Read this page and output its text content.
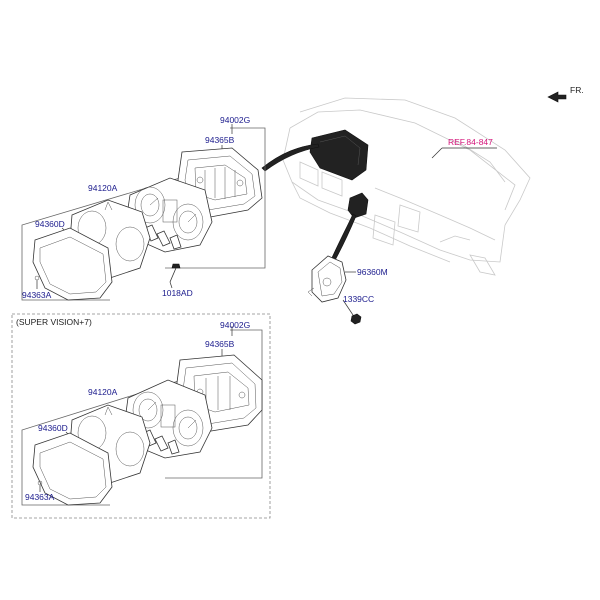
FR.
REF.84-847
96360M
1339CC
94002G
94365B
94120A
94360D
94363A	1018AD
(SUPER VISION+7)	94002G
94365B
94120A
94360D
94363A
